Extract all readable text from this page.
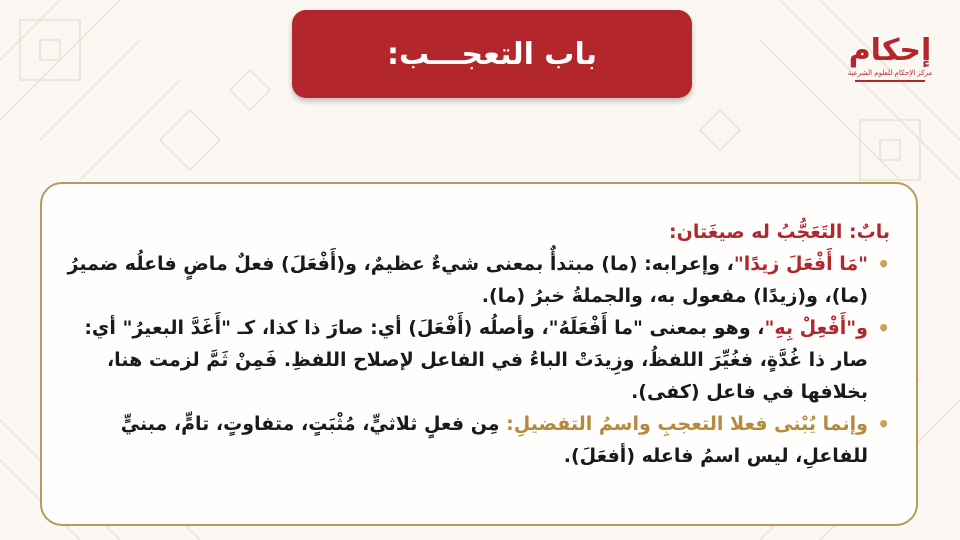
باب التعجـــب:	إحكام
مركز الإحكام للعلوم الشرعية
بابٌ: التَعَجُّبُ له صيغَتان:
• "مَا أَفْعَلَ زيدًا"، وإعرابه: (ما) مبتدأٌ بمعنى شيءٌ عظيمٌ، و(أَفْعَلَ) فعلٌ ماضٍ فاعلُه ضميرُ (ما)، و(زيدًا) مفعول به، والجملةُ خبرُ (ما).
• و"أَفْعِلْ بِهِ"، وهو بمعنى "ما أَفْعَلَهُ"، وأصلُه (أَفْعَلَ) أي: صارَ ذا كذا، كـ "أَغَدَّ البعيرُ" أي: صار ذا غُدَّةٍ، فغُيِّرَ اللفظُ، وزِيدَتْ الباءُ في الفاعل لإصلاح اللفظِ. فَمِنْ ثَمَّ لزمت هنا، بخلافها في فاعل (كفى).
• وإنما يُبْنى فعلا التعجبِ واسمُ التفضيلِ: مِن فعلٍ ثلاثيٍّ، مُثْبَتٍ، متفاوتٍ، تامٍّ، مبنيٍّ للفاعلِ، ليس اسمُ فاعله (أفعَلَ).
